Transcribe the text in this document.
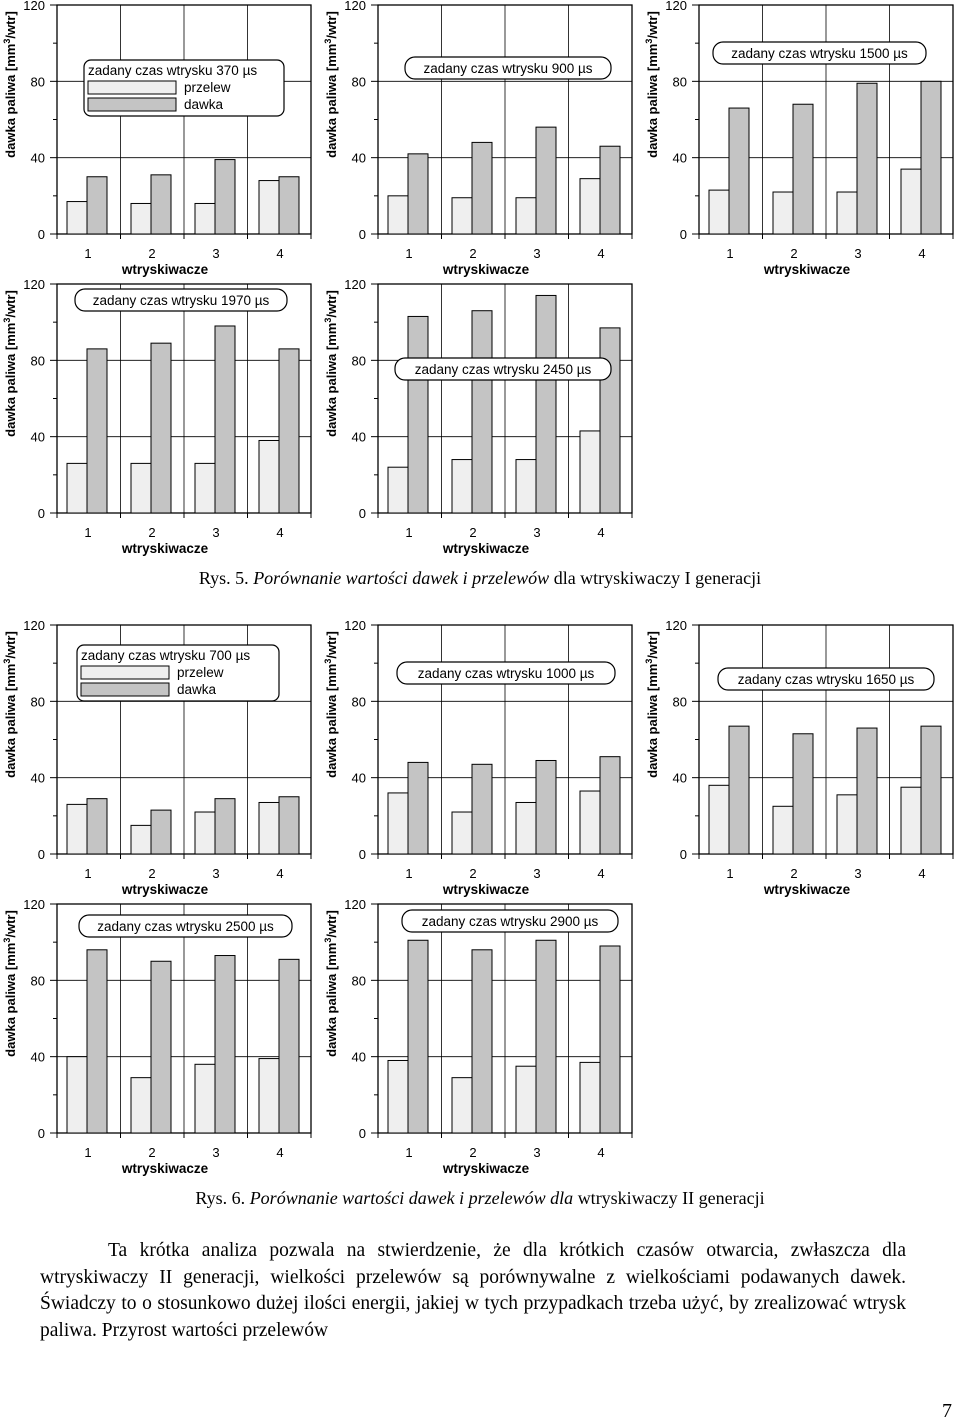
0
40
80
120
1	2	3	4
wtryskiwacze
dawka paliwa $[mm^3/wtr]$
zadany czas wtrysku 370 µs
przelew
dawka
0
40
80
120
1	2	3	4
wtryskiwacze
dawka paliwa $[mm^3/wtr]$
zadany czas wtrysku 900 µs
0
40
80
120
1	2	3	4
wtryskiwacze
dawka paliwa $[mm^3/wtr]$
zadany czas wtrysku 1500 µs
0
40
80
120
1	2	3	4
wtryskiwacze
dawka paliwa $[mm^3/wtr]$	zadany czas wtrysku 1970 µs
0
40
80
120
1	2	3	4
wtryskiwacze
dawka paliwa $[mm^3/wtr]$
zadany czas wtrysku 2450 µs
0
40
80
120
1	2	3	4
wtryskiwacze
dawka paliwa $[mm^3/wtr]$	zadany czas wtrysku 700 µs
przelew
dawka
0
40
80
120
1	2	3	4
wtryskiwacze
dawka paliwa $[mm^3/wtr]$
zadany czas wtrysku 1000 µs
0
40
80
120
1	2	3	4
wtryskiwacze
dawka paliwa $[mm^3/wtr]$
zadany czas wtrysku 1650 µs
0
40
80
120
1	2	3	4
wtryskiwacze
dawka paliwa $[mm^3/wtr]$	zadany czas wtrysku 2500 µs
0
40
80
120
1	2	3	4
wtryskiwacze
dawka paliwa $[mm^3/wtr]$	zadany czas wtrysku 2900 µs
Rys. 5. Porównanie wartości dawek i przelewów dla wtryskiwaczy I generacji
Rys. 6. Porównanie wartości dawek i przelewów dla wtryskiwaczy II generacji
Ta krótka analiza pozwala na stwierdzenie, że dla krótkich czasów otwarcia, zwłaszcza dla wtryskiwaczy II generacji, wielkości przelewów są porównywalne z wielkościami podawanych dawek. Świadczy to o stosunkowo dużej ilości energii, jakiej w tych przypadkach trzeba użyć, by zrealizować wtrysk paliwa. Przyrost wartości przelewów
7
